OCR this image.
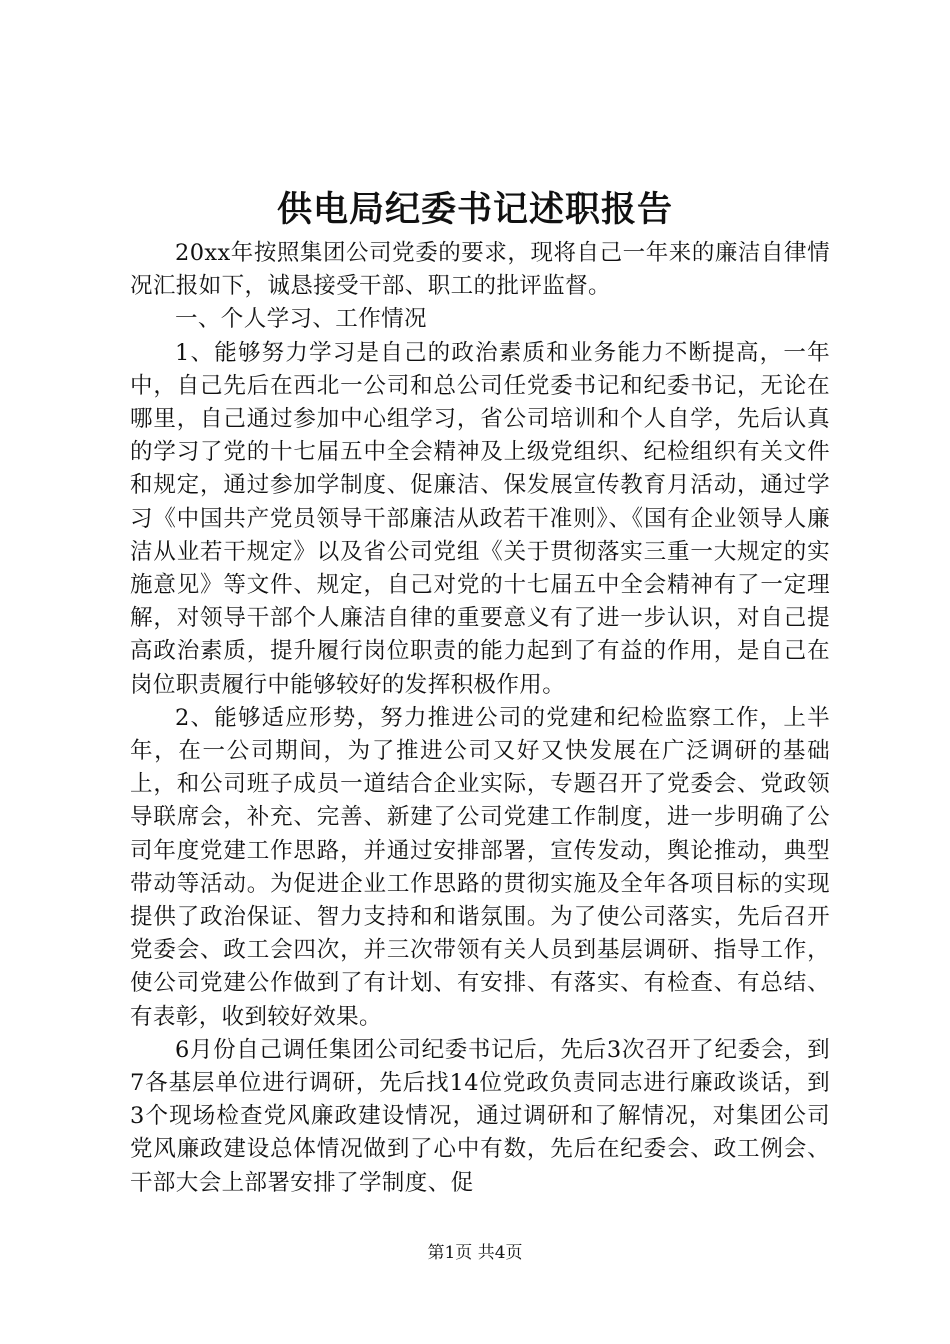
供电局纪委书记述职报告

20xx年按照集团公司党委的要求，现将自己一年来的廉洁自律情况汇报如下，诚恳接受干部、职工的批评监督。

一、个人学习、工作情况

1、能够努力学习是自己的政治素质和业务能力不断提高，一年中，自己先后在西北一公司和总公司任党委书记和纪委书记，无论在哪里，自己通过参加中心组学习，省公司培训和个人自学，先后认真的学习了党的十七届五中全会精神及上级党组织、纪检组织有关文件和规定，通过参加学制度、促廉洁、保发展宣传教育月活动，通过学习《中国共产党员领导干部廉洁从政若干准则》、《国有企业领导人廉洁从业若干规定》以及省公司党组《关于贯彻落实三重一大规定的实施意见》等文件、规定，自己对党的十七届五中全会精神有了一定理解，对领导干部个人廉洁自律的重要意义有了进一步认识，对自己提高政治素质，提升履行岗位职责的能力起到了有益的作用，是自己在岗位职责履行中能够较好的发挥积极作用。

2、能够适应形势，努力推进公司的党建和纪检监察工作，上半年，在一公司期间，为了推进公司又好又快发展在广泛调研的基础上，和公司班子成员一道结合企业实际，专题召开了党委会、党政领导联席会，补充、完善、新建了公司党建工作制度，进一步明确了公司年度党建工作思路，并通过安排部署，宣传发动，舆论推动，典型带动等活动。为促进企业工作思路的贯彻实施及全年各项目标的实现提供了政治保证、智力支持和和谐氛围。为了使公司落实，先后召开党委会、政工会四次，并三次带领有关人员到基层调研、指导工作，使公司党建公作做到了有计划、有安排、有落实、有检查、有总结、有表彰，收到较好效果。

6月份自己调任集团公司纪委书记后，先后3次召开了纪委会，到7各基层单位进行调研，先后找14位党政负责同志进行廉政谈话，到3个现场检查党风廉政建设情况，通过调研和了解情况，对集团公司党风廉政建设总体情况做到了心中有数，先后在纪委会、政工例会、干部大会上部署安排了学制度、促

第1页 共4页
